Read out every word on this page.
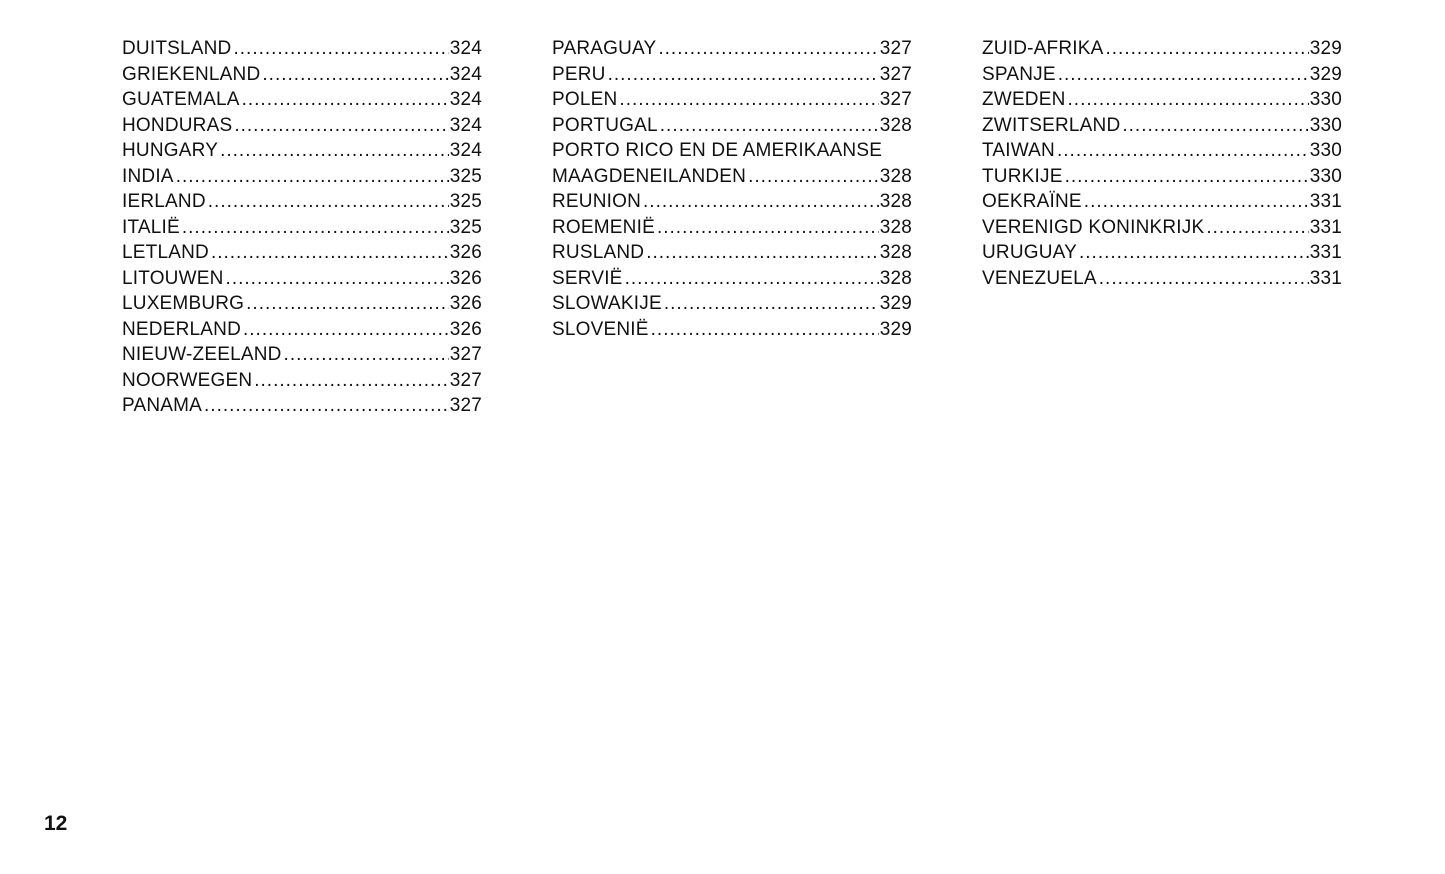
DUITSLAND .....	324
GRIEKENLAND .....	324
GUATEMALA .....	324
HONDURAS .....	324
HUNGARY .....	324
INDIA .....	325
IERLAND .....	325
ITALIË .....	325
LETLAND .....	326
LITOUWEN .....	326
LUXEMBURG .....	326
NEDERLAND .....	326
NIEUW-ZEELAND .....	327
NOORWEGEN .....	327
PANAMA .....	327
PARAGUAY .....	327
PERU .....	327
POLEN .....	327
PORTUGAL .....	328
PORTO RICO EN DE AMERIKAANSE
MAAGDENEILANDEN .....	328
REUNION .....	328
ROEMENIË .....	328
RUSLAND .....	328
SERVIË .....	328
SLOWAKIJE .....	329
SLOVENIË .....	329
ZUID-AFRIKA .....	329
SPANJE .....	329
ZWEDEN .....	330
ZWITSERLAND .....	330
TAIWAN .....	330
TURKIJE .....	330
OEKRAÏNE .....	331
VERENIGD KONINKRIJK .....	331
URUGUAY .....	331
VENEZUELA .....	331
12
